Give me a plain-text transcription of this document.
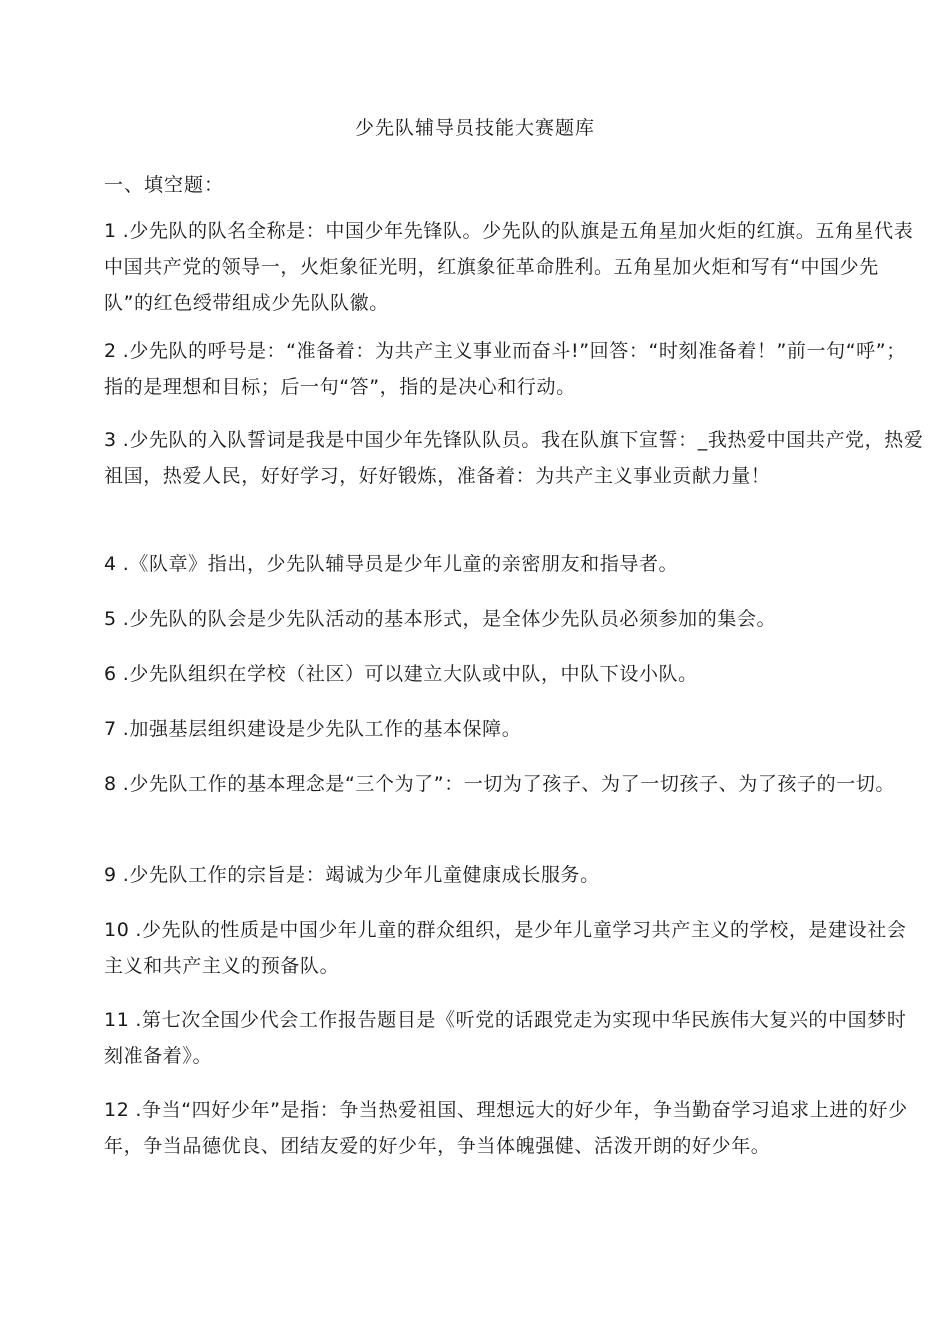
少先队辅导员技能大赛题库
一、填空题：
1 .少先队的队名全称是：中国少年先锋队。少先队的队旗是五角星加火炬的红旗。五角星代表中国共产党的领导一，火炬象征光明，红旗象征革命胜利。五角星加火炬和写有“中国少先队”的红色绶带组成少先队队徽。
2 .少先队的呼号是：“准备着：为共产主义事业而奋斗!”回答：“时刻准备着！”前一句“呼”；指的是理想和目标；后一句“答”，指的是决心和行动。
3 .少先队的入队誓词是我是中国少年先锋队队员。我在队旗下宣誓：_我热爱中国共产党，热爱祖国，热爱人民，好好学习，好好锻炼，准备着：为共产主义事业贡献力量！
4 .《队章》指出，少先队辅导员是少年儿童的亲密朋友和指导者。
5 .少先队的队会是少先队活动的基本形式，是全体少先队员必须参加的集会。
6 .少先队组织在学校（社区）可以建立大队或中队，中队下设小队。
7 .加强基层组织建设是少先队工作的基本保障。
8 .少先队工作的基本理念是“三个为了”：一切为了孩子、为了一切孩子、为了孩子的一切。
9 .少先队工作的宗旨是：竭诚为少年儿童健康成长服务。
10 .少先队的性质是中国少年儿童的群众组织，是少年儿童学习共产主义的学校，是建设社会主义和共产主义的预备队。
11 .第七次全国少代会工作报告题目是《听党的话跟党走为实现中华民族伟大复兴的中国梦时刻准备着》。
12 .争当“四好少年”是指：争当热爱祖国、理想远大的好少年，争当勤奋学习追求上进的好少年，争当品德优良、团结友爱的好少年，争当体魄强健、活泼开朗的好少年。
